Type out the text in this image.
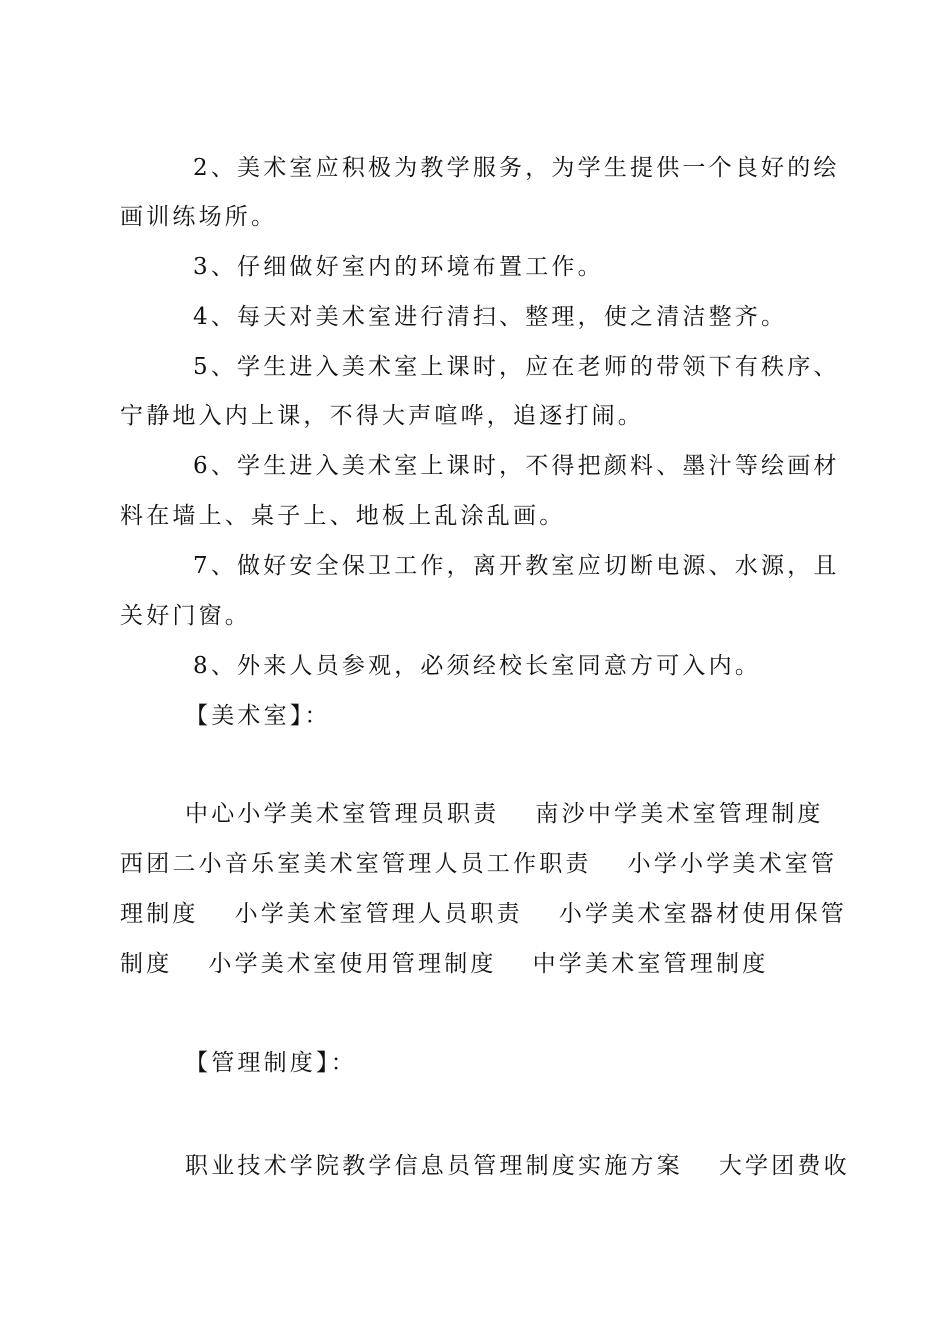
2、美术室应积极为教学服务，为学生提供一个良好的绘
画训练场所。
3、仔细做好室内的环境布置工作。
4、每天对美术室进行清扫、整理，使之清洁整齐。
5、学生进入美术室上课时，应在老师的带领下有秩序、
宁静地入内上课，不得大声喧哗，追逐打闹。
6、学生进入美术室上课时，不得把颜料、墨汁等绘画材
料在墙上、桌子上、地板上乱涂乱画。
7、做好安全保卫工作，离开教室应切断电源、水源，且
关好门窗。
8、外来人员参观，必须经校长室同意方可入内。
【美术室】：
中心小学美术室管理员职责 南沙中学美术室管理制度
西团二小音乐室美术室管理人员工作职责 小学小学美术室管
理制度 小学美术室管理人员职责 小学美术室器材使用保管
制度 小学美术室使用管理制度 中学美术室管理制度
【管理制度】：
职业技术学院教学信息员管理制度实施方案 大学团费收
